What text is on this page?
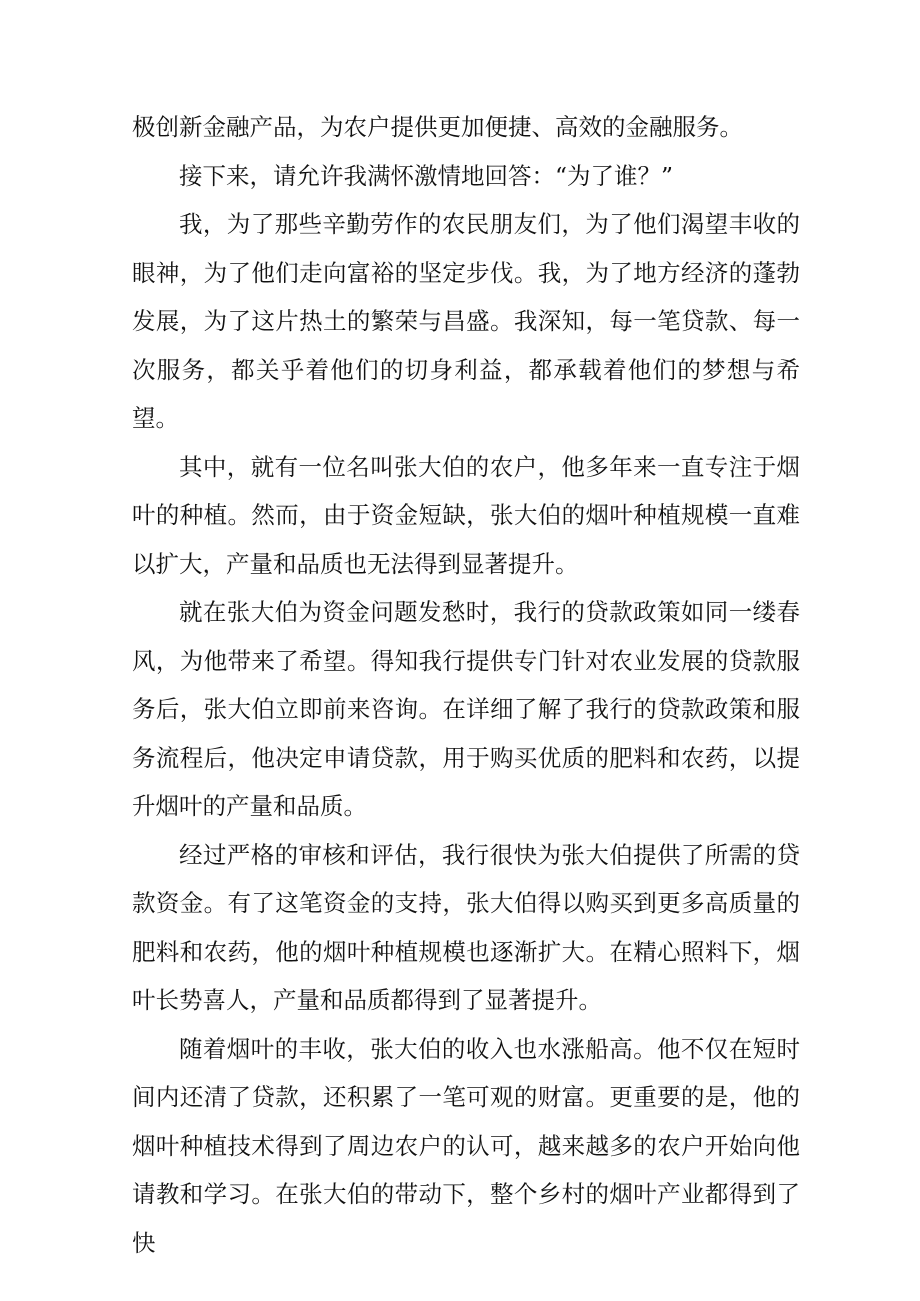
极创新金融产品，为农户提供更加便捷、高效的金融服务。

接下来，请允许我满怀激情地回答：“为了谁？”

我，为了那些辛勤劳作的农民朋友们，为了他们渴望丰收的眼神，为了他们走向富裕的坚定步伐。我，为了地方经济的蓬勃发展，为了这片热土的繁荣与昌盛。我深知，每一笔贷款、每一次服务，都关乎着他们的切身利益，都承载着他们的梦想与希望。

其中，就有一位名叫张大伯的农户，他多年来一直专注于烟叶的种植。然而，由于资金短缺，张大伯的烟叶种植规模一直难以扩大，产量和品质也无法得到显著提升。

就在张大伯为资金问题发愁时，我行的贷款政策如同一缕春风，为他带来了希望。得知我行提供专门针对农业发展的贷款服务后，张大伯立即前来咨询。在详细了解了我行的贷款政策和服务流程后，他决定申请贷款，用于购买优质的肥料和农药，以提升烟叶的产量和品质。

经过严格的审核和评估，我行很快为张大伯提供了所需的贷款资金。有了这笔资金的支持，张大伯得以购买到更多高质量的肥料和农药，他的烟叶种植规模也逐渐扩大。在精心照料下，烟叶长势喜人，产量和品质都得到了显著提升。

随着烟叶的丰收，张大伯的收入也水涨船高。他不仅在短时间内还清了贷款，还积累了一笔可观的财富。更重要的是，他的烟叶种植技术得到了周边农户的认可，越来越多的农户开始向他请教和学习。在张大伯的带动下，整个乡村的烟叶产业都得到了快
